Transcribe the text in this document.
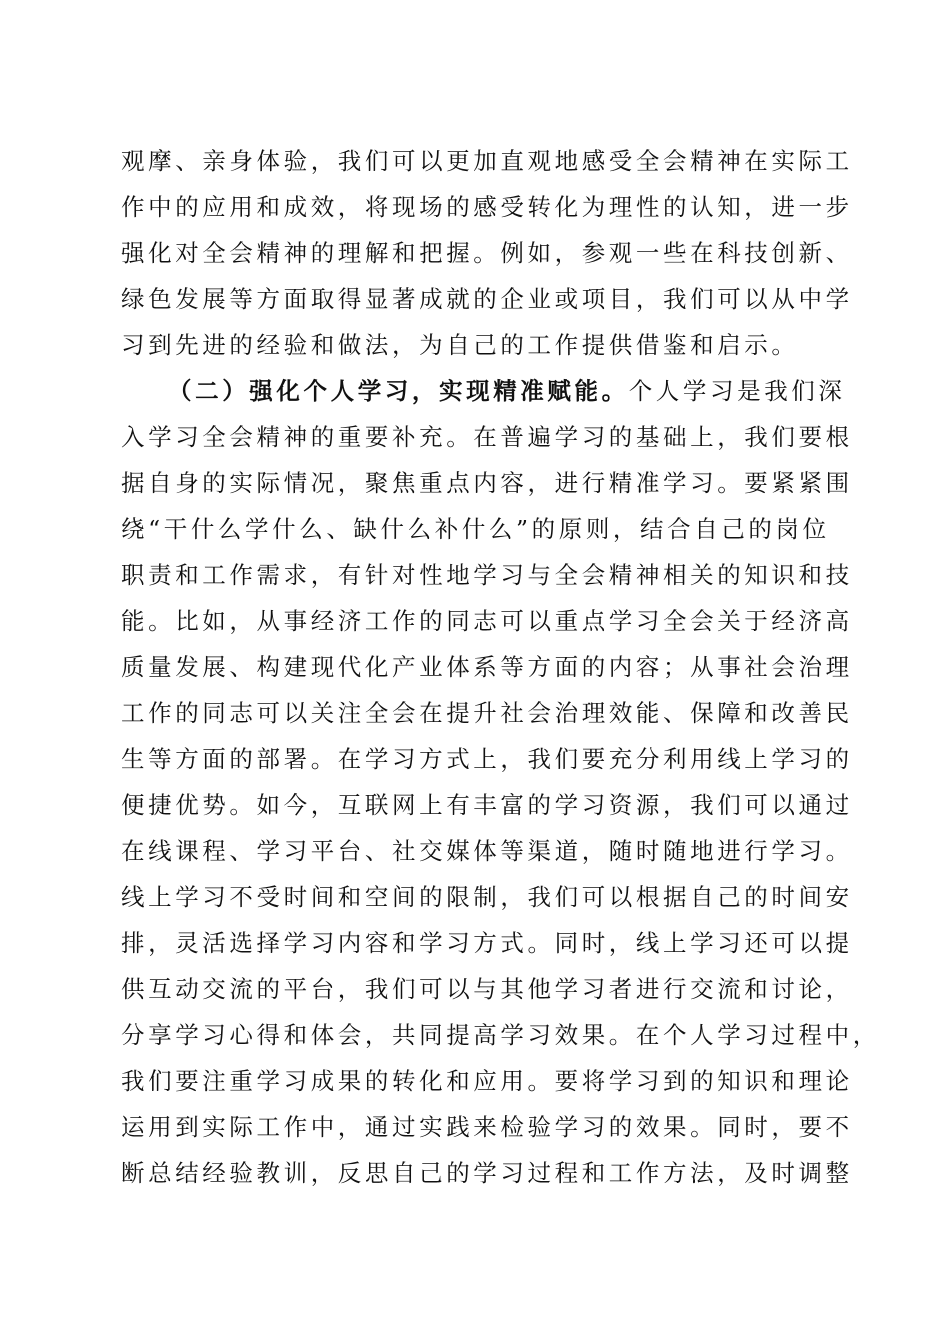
观摩、亲身体验，我们可以更加直观地感受全会精神在实际工
作中的应用和成效，将现场的感受转化为理性的认知，进一步
强化对全会精神的理解和把握。例如，参观一些在科技创新、
绿色发展等方面取得显著成就的企业或项目，我们可以从中学
习到先进的经验和做法，为自己的工作提供借鉴和启示。
（二）强化个人学习，实现精准赋能。个人学习是我们深
入学习全会精神的重要补充。在普遍学习的基础上，我们要根
据自身的实际情况，聚焦重点内容，进行精准学习。要紧紧围
绕“干什么学什么、缺什么补什么”的原则，结合自己的岗位
职责和工作需求，有针对性地学习与全会精神相关的知识和技
能。比如，从事经济工作的同志可以重点学习全会关于经济高
质量发展、构建现代化产业体系等方面的内容；从事社会治理
工作的同志可以关注全会在提升社会治理效能、保障和改善民
生等方面的部署。在学习方式上，我们要充分利用线上学习的
便捷优势。如今，互联网上有丰富的学习资源，我们可以通过
在线课程、学习平台、社交媒体等渠道，随时随地进行学习。
线上学习不受时间和空间的限制，我们可以根据自己的时间安
排，灵活选择学习内容和学习方式。同时，线上学习还可以提
供互动交流的平台，我们可以与其他学习者进行交流和讨论，
分享学习心得和体会，共同提高学习效果。在个人学习过程中，
我们要注重学习成果的转化和应用。要将学习到的知识和理论
运用到实际工作中，通过实践来检验学习的效果。同时，要不
断总结经验教训，反思自己的学习过程和工作方法，及时调整
